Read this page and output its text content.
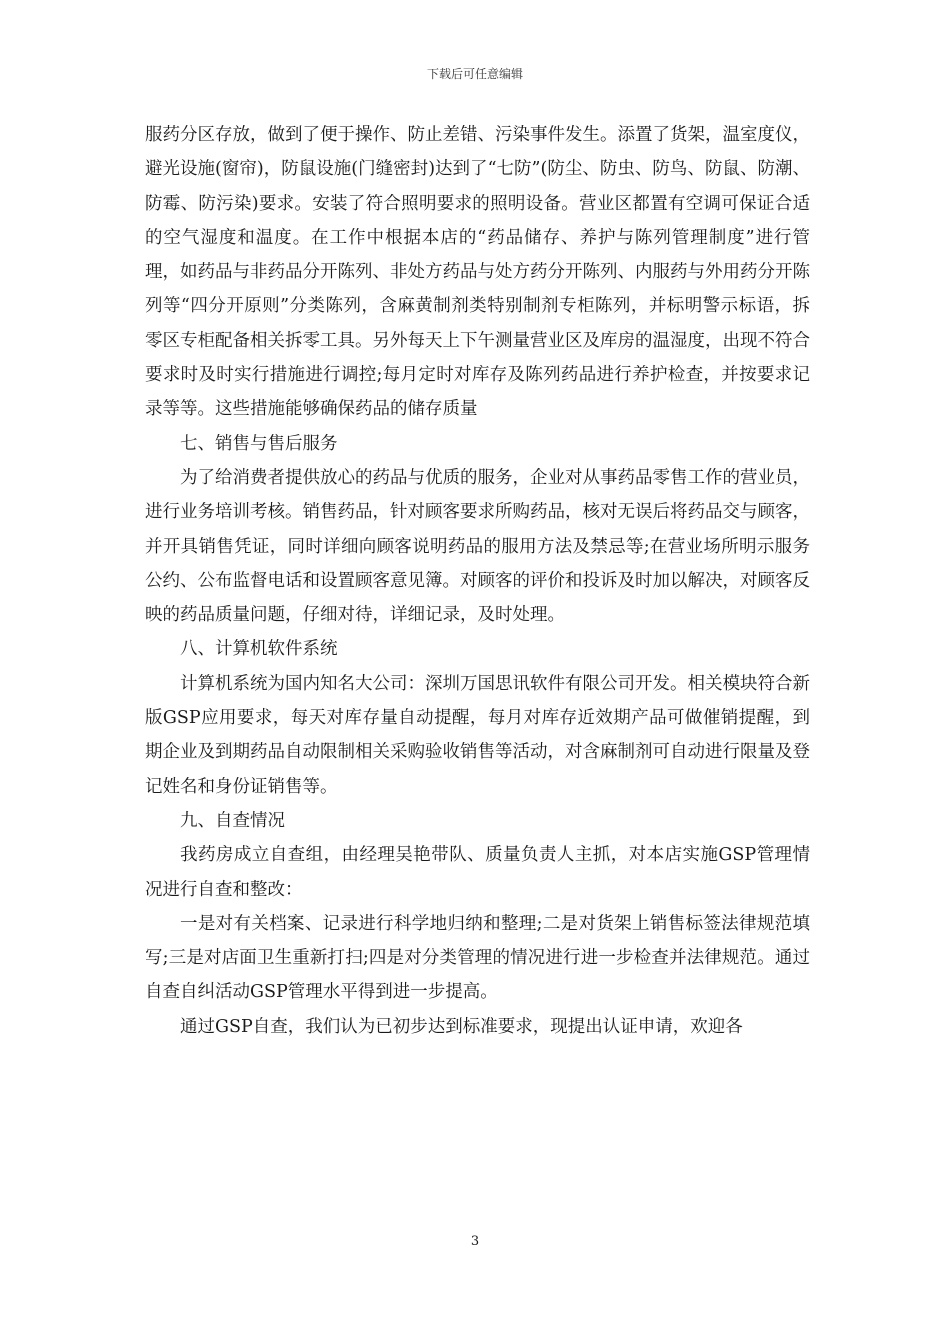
下载后可任意编辑

服药分区存放，做到了便于操作、防止差错、污染事件发生。添置了货架，温室度仪，避光设施(窗帘)，防鼠设施(门缝密封)达到了“七防”(防尘、防虫、防鸟、防鼠、防潮、防霉、防污染)要求。安装了符合照明要求的照明设备。营业区都置有空调可保证合适的空气湿度和温度。在工作中根据本店的“药品储存、养护与陈列管理制度”进行管理，如药品与非药品分开陈列、非处方药品与处方药分开陈列、内服药与外用药分开陈列等“四分开原则”分类陈列，含麻黄制剂类特别制剂专柜陈列，并标明警示标语，拆零区专柜配备相关拆零工具。另外每天上下午测量营业区及库房的温湿度，出现不符合要求时及时实行措施进行调控;每月定时对库存及陈列药品进行养护检查，并按要求记录等等。这些措施能够确保药品的储存质量

七、销售与售后服务

为了给消费者提供放心的药品与优质的服务，企业对从事药品零售工作的营业员，进行业务培训考核。销售药品，针对顾客要求所购药品，核对无误后将药品交与顾客，并开具销售凭证，同时详细向顾客说明药品的服用方法及禁忌等;在营业场所明示服务公约、公布监督电话和设置顾客意见簿。对顾客的评价和投诉及时加以解决，对顾客反映的药品质量问题，仔细对待，详细记录，及时处理。

八、计算机软件系统

计算机系统为国内知名大公司：深圳万国思讯软件有限公司开发。相关模块符合新版GSP应用要求，每天对库存量自动提醒，每月对库存近效期产品可做催销提醒，到期企业及到期药品自动限制相关采购验收销售等活动，对含麻制剂可自动进行限量及登记姓名和身份证销售等。

九、自查情况

我药房成立自查组，由经理吴艳带队、质量负责人主抓，对本店实施GSP管理情况进行自查和整改：

一是对有关档案、记录进行科学地归纳和整理;二是对货架上销售标签法律规范填写;三是对店面卫生重新打扫;四是对分类管理的情况进行进一步检查并法律规范。通过自查自纠活动GSP管理水平得到进一步提高。

通过GSP自查，我们认为已初步达到标准要求，现提出认证申请，欢迎各

3
